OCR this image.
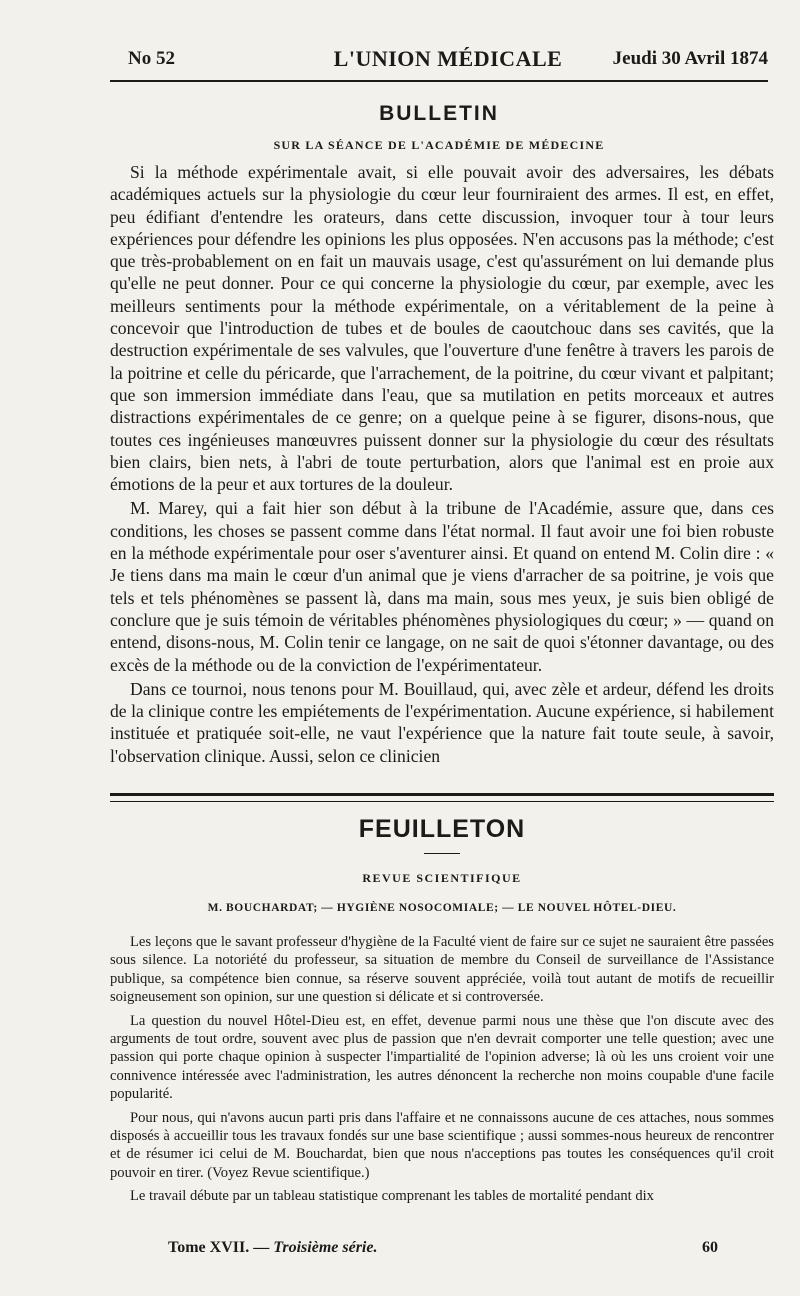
No 52	L'UNION MÉDICALE	Jeudi 30 Avril 1874
BULLETIN
SUR LA SÉANCE DE L'ACADÉMIE DE MÉDECINE

Si la méthode expérimentale avait, si elle pouvait avoir des adversaires, les débats académiques actuels sur la physiologie du cœur leur fourniraient des armes. Il est, en effet, peu édifiant d'entendre les orateurs, dans cette discussion, invoquer tour à tour leurs expériences pour défendre les opinions les plus opposées. N'en accusons pas la méthode; c'est que très-probablement on en fait un mauvais usage, c'est qu'assurément on lui demande plus qu'elle ne peut donner. Pour ce qui concerne la physiologie du cœur, par exemple, avec les meilleurs sentiments pour la méthode expérimentale, on a véritablement de la peine à concevoir que l'introduction de tubes et de boules de caoutchouc dans ses cavités, que la destruction expérimentale de ses valvules, que l'ouverture d'une fenêtre à travers les parois de la poitrine et celle du péricarde, que l'arrachement, de la poitrine, du cœur vivant et palpitant; que son immersion immédiate dans l'eau, que sa mutilation en petits morceaux et autres distractions expérimentales de ce genre; on a quelque peine à se figurer, disons-nous, que toutes ces ingénieuses manœuvres puissent donner sur la physiologie du cœur des résultats bien clairs, bien nets, à l'abri de toute perturbation, alors que l'animal est en proie aux émotions de la peur et aux tortures de la douleur.

M. Marey, qui a fait hier son début à la tribune de l'Académie, assure que, dans ces conditions, les choses se passent comme dans l'état normal. Il faut avoir une foi bien robuste en la méthode expérimentale pour oser s'aventurer ainsi. Et quand on entend M. Colin dire : « Je tiens dans ma main le cœur d'un animal que je viens d'arracher de sa poitrine, je vois que tels et tels phénomènes se passent là, dans ma main, sous mes yeux, je suis bien obligé de conclure que je suis témoin de véritables phénomènes physiologiques du cœur; » — quand on entend, disons-nous, M. Colin tenir ce langage, on ne sait de quoi s'étonner davantage, ou des excès de la méthode ou de la conviction de l'expérimentateur.

Dans ce tournoi, nous tenons pour M. Bouillaud, qui, avec zèle et ardeur, défend les droits de la clinique contre les empiétements de l'expérimentation. Aucune expérience, si habilement instituée et pratiquée soit-elle, ne vaut l'expérience que la nature fait toute seule, à savoir, l'observation clinique. Aussi, selon ce clinicien

FEUILLETON
REVUE SCIENTIFIQUE
M. BOUCHARDAT; — HYGIÈNE NOSOCOMIALE; — LE NOUVEL HÔTEL-DIEU.

Les leçons que le savant professeur d'hygiène de la Faculté vient de faire sur ce sujet ne sauraient être passées sous silence. La notoriété du professeur, sa situation de membre du Conseil de surveillance de l'Assistance publique, sa compétence bien connue, sa réserve souvent appréciée, voilà tout autant de motifs de recueillir soigneusement son opinion, sur une question si délicate et si controversée.

La question du nouvel Hôtel-Dieu est, en effet, devenue parmi nous une thèse que l'on discute avec des arguments de tout ordre, souvent avec plus de passion que n'en devrait comporter une telle question; avec une passion qui porte chaque opinion à suspecter l'impartialité de l'opinion adverse; là où les uns croient voir une connivence intéressée avec l'administration, les autres dénoncent la recherche non moins coupable d'une facile popularité.

Pour nous, qui n'avons aucun parti pris dans l'affaire et ne connaissons aucune de ces attaches, nous sommes disposés à accueillir tous les travaux fondés sur une base scientifique ; aussi sommes-nous heureux de rencontrer et de résumer ici celui de M. Bouchardat, bien que nous n'acceptions pas toutes les conséquences qu'il croit pouvoir en tirer. (Voyez Revue scientifique.)

Le travail débute par un tableau statistique comprenant les tables de mortalité pendant dix

Tome XVII. — Troisième série.	60
